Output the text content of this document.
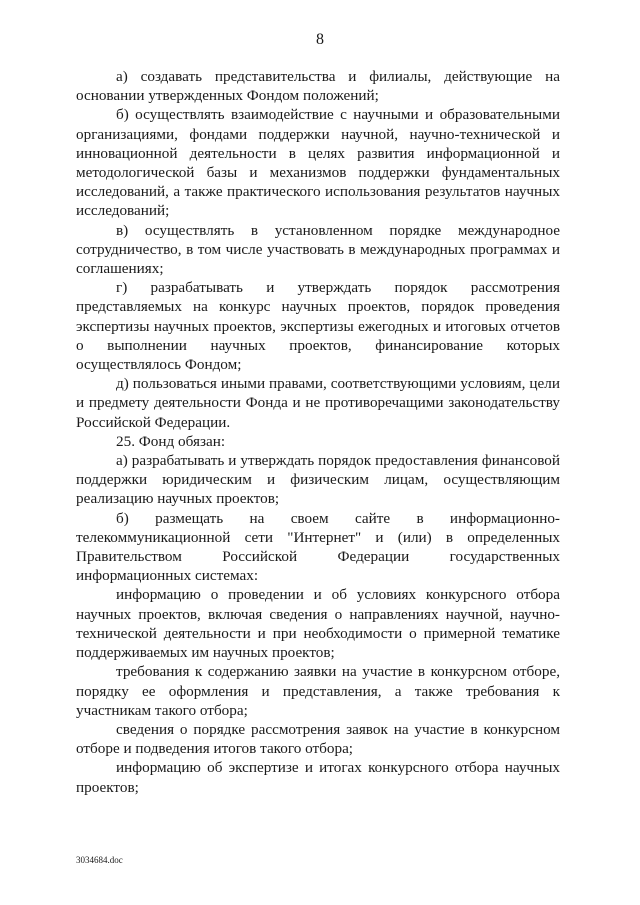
8

а) создавать представительства и филиалы, действующие на основании утвержденных Фондом положений;

б) осуществлять взаимодействие с научными и образовательными организациями, фондами поддержки научной, научно-технической и инновационной деятельности в целях развития информационной и методологической базы и механизмов поддержки фундаментальных исследований, а также практического использования результатов научных исследований;

в) осуществлять в установленном порядке международное сотрудничество, в том числе участвовать в международных программах и соглашениях;

г) разрабатывать и утверждать порядок рассмотрения представляемых на конкурс научных проектов, порядок проведения экспертизы научных проектов, экспертизы ежегодных и итоговых отчетов о выполнении научных проектов, финансирование которых осуществлялось Фондом;

д) пользоваться иными правами, соответствующими условиям, цели и предмету деятельности Фонда и не противоречащими законодательству Российской Федерации.

25. Фонд обязан:

а) разрабатывать и утверждать порядок предоставления финансовой поддержки юридическим и физическим лицам, осуществляющим реализацию научных проектов;

б) размещать на своем сайте в информационно-телекоммуникационной сети "Интернет" и (или) в определенных Правительством Российской Федерации государственных информационных системах:

информацию о проведении и об условиях конкурсного отбора научных проектов, включая сведения о направлениях научной, научно-технической деятельности и при необходимости о примерной тематике поддерживаемых им научных проектов;

требования к содержанию заявки на участие в конкурсном отборе, порядку ее оформления и представления, а также требования к участникам такого отбора;

сведения о порядке рассмотрения заявок на участие в конкурсном отборе и подведения итогов такого отбора;

информацию об экспертизе и итогах конкурсного отбора научных проектов;

3034684.doc
